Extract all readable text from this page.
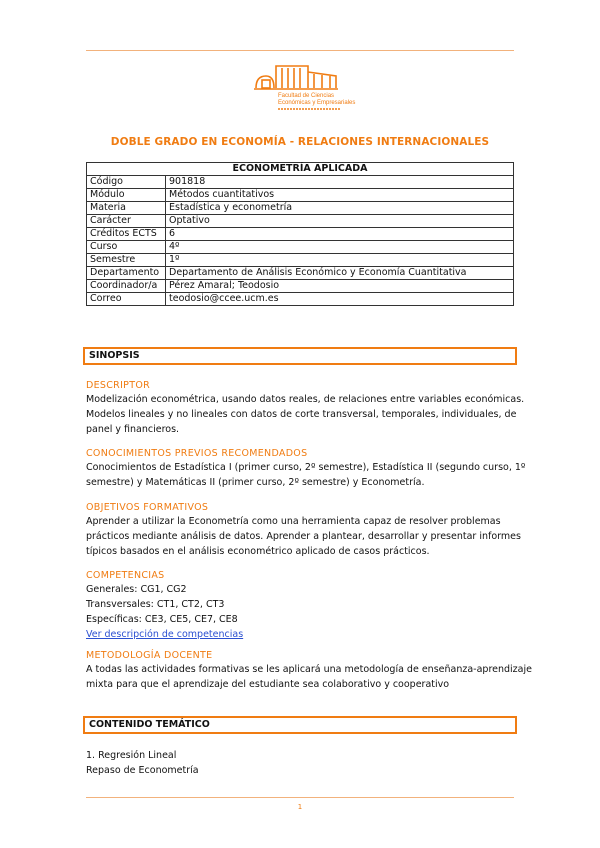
Facultad de Ciencias
Económicas y Empresariales
DOBLE GRADO EN ECONOMÍA - RELACIONES INTERNACIONALES
ECONOMETRÍA APLICADA	
Código	901818
Módulo	Métodos cuantitativos
Materia	Estadística y econometría
Carácter	Optativo
Créditos ECTS	6
Curso	4º
Semestre	1º
Departamento	Departamento de Análisis Económico y Economía Cuantitativa
Coordinador/a	Pérez Amaral; Teodosio
Correo	teodosio@ccee.ucm.es
SINOPSIS
DESCRIPTOR
Modelización econométrica, usando datos reales, de relaciones entre variables económicas.
Modelos lineales y no lineales con datos de corte transversal, temporales, individuales, de
panel y financieros.
CONOCIMIENTOS PREVIOS RECOMENDADOS
Conocimientos de Estadística I (primer curso, 2º semestre), Estadística II (segundo curso, 1º
semestre) y Matemáticas II (primer curso, 2º semestre) y Econometría.
OBJETIVOS FORMATIVOS
Aprender a utilizar la Econometría como una herramienta capaz de resolver problemas
prácticos mediante análisis de datos. Aprender a plantear, desarrollar y presentar informes
típicos basados en el análisis econométrico aplicado de casos prácticos.
COMPETENCIAS
Generales: CG1, CG2
Transversales: CT1, CT2, CT3
Específicas: CE3, CE5, CE7, CE8
Ver descripción de competencias
METODOLOGÍA DOCENTE
A todas las actividades formativas se les aplicará una metodología de enseñanza-aprendizaje
mixta para que el aprendizaje del estudiante sea colaborativo y cooperativo
CONTENIDO TEMÁTICO
1. Regresión Lineal
Repaso de Econometría
1
